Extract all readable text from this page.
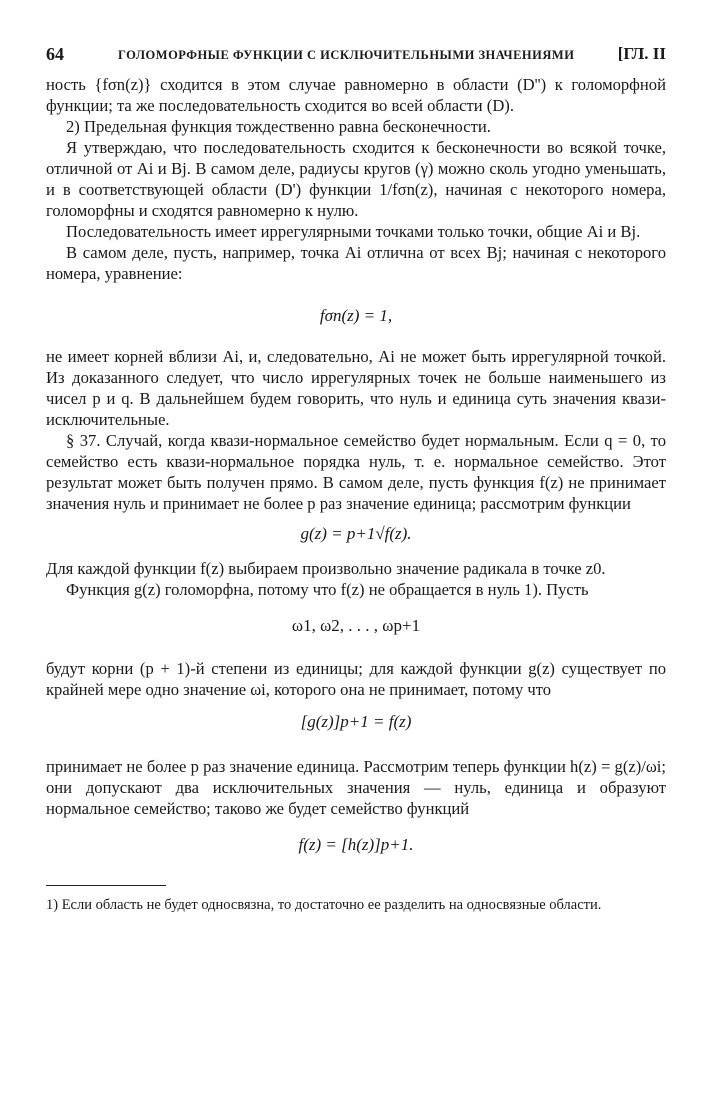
64	ГОЛОМОРФНЫЕ ФУНКЦИИ С ИСКЛЮЧИТЕЛЬНЫМИ ЗНАЧЕНИЯМИ	[ГЛ. II

ность {fσn(z)} сходится в этом случае равномерно в области (D'') к голоморфной функции; та же последовательность сходится во всей области (D).

2) Предельная функция тождественно равна бесконечности.

Я утверждаю, что последовательность сходится к бесконечности во всякой точке, отличной от Ai и Bj. В самом деле, радиусы кругов (γ) можно сколь угодно уменьшать, и в соответствующей области (D') функции 1/fσn(z), начиная с некоторого номера, голоморфны и сходятся равномерно к нулю.

Последовательность имеет иррегулярными точками только точки, общие Ai и Bj.

В самом деле, пусть, например, точка Ai отлична от всех Bj; начиная с некоторого номера, уравнение:

fσn(z) = 1,

не имеет корней вблизи Ai, и, следовательно, Ai не может быть иррегулярной точкой. Из доказанного следует, что число иррегулярных точек не больше наименьшего из чисел p и q. В дальнейшем будем говорить, что нуль и единица суть значения квази-исключительные.

§ 37. Случай, когда квази-нормальное семейство будет нормальным. Если q = 0, то семейство есть квази-нормальное порядка нуль, т. е. нормальное семейство. Этот результат может быть получен прямо. В самом деле, пусть функция f(z) не принимает значения нуль и принимает не более p раз значение единица; рассмотрим функции

g(z) = p+1√f(z).

Для каждой функции f(z) выбираем произвольно значение радикала в точке z0.

Функция g(z) голоморфна, потому что f(z) не обращается в нуль 1). Пусть

ω1, ω2, . . . , ωp+1

будут корни (p + 1)-й степени из единицы; для каждой функции g(z) существует по крайней мере одно значение ωi, которого она не принимает, потому что

[g(z)]p+1 = f(z)

принимает не более p раз значение единица. Рассмотрим теперь функции h(z) = g(z)/ωi; они допускают два исключительных значения — нуль, единица и образуют нормальное семейство; таково же будет семейство функций

f(z) = [h(z)]p+1.

1) Если область не будет односвязна, то достаточно ее разделить на односвязные области.
